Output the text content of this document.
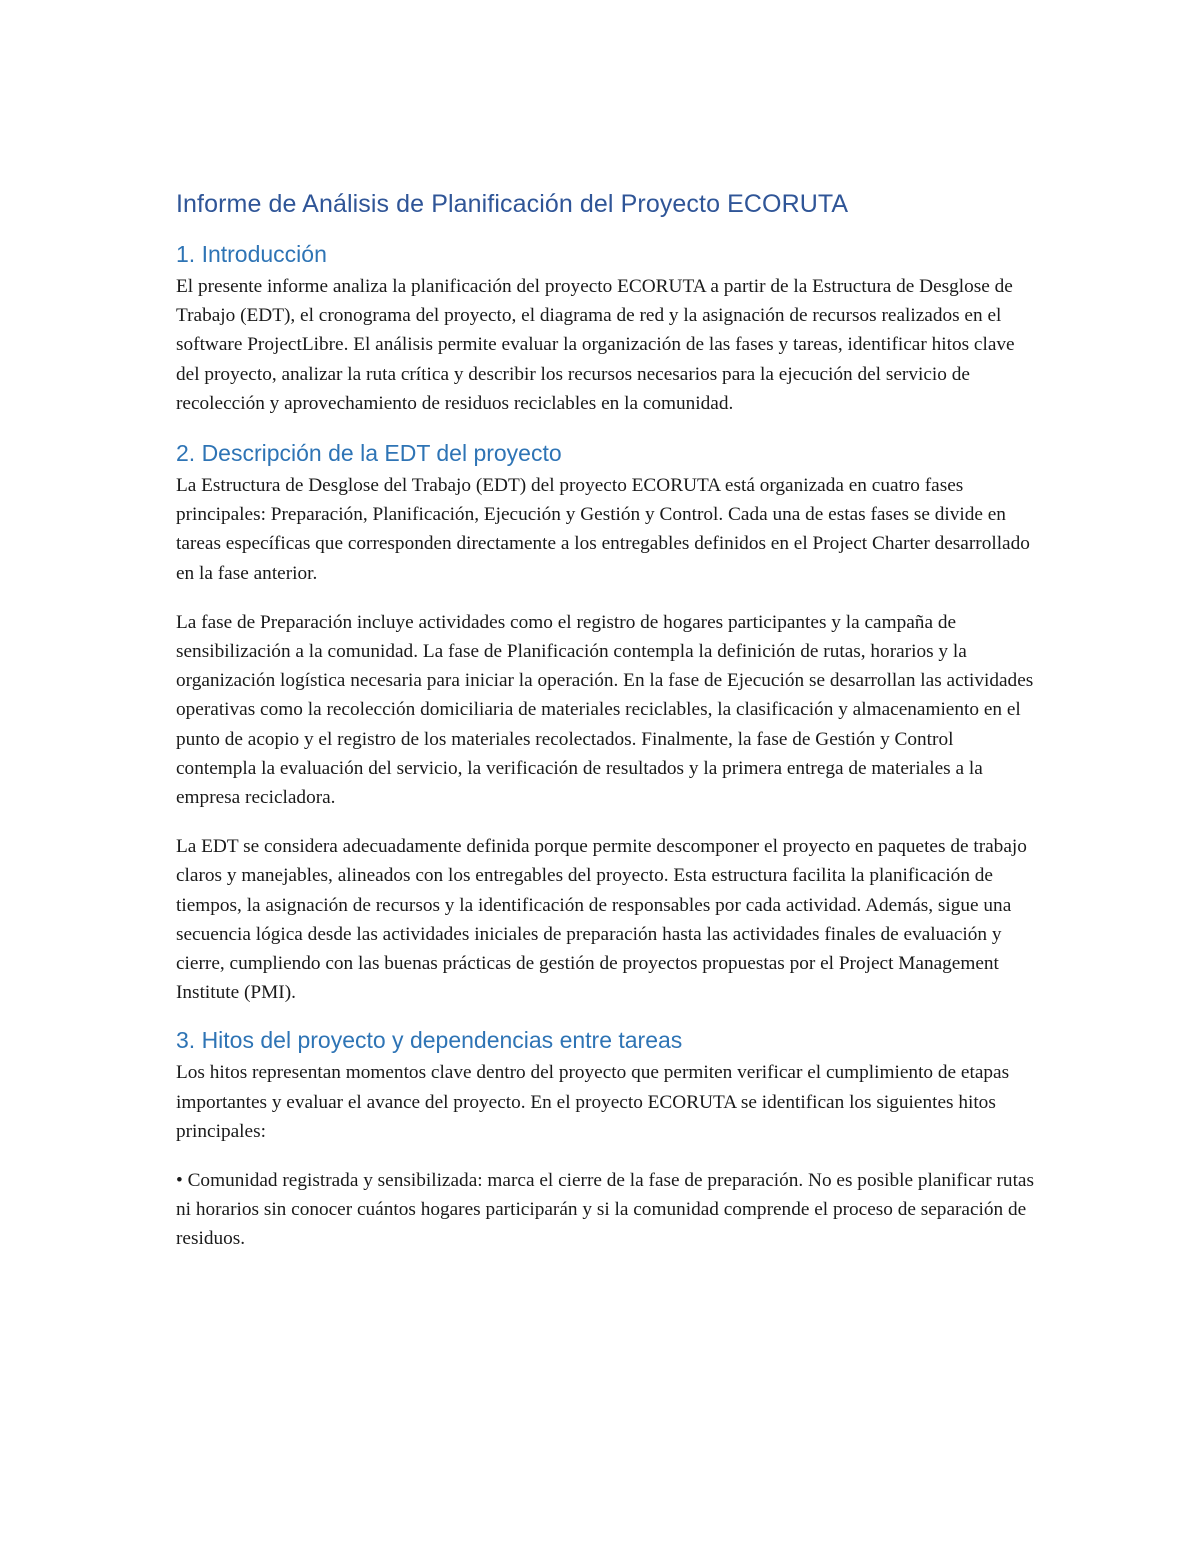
Informe de Análisis de Planificación del Proyecto ECORUTA
1. Introducción

El presente informe analiza la planificación del proyecto ECORUTA a partir de la Estructura de Desglose de Trabajo (EDT), el cronograma del proyecto, el diagrama de red y la asignación de recursos realizados en el software ProjectLibre. El análisis permite evaluar la organización de las fases y tareas, identificar hitos clave del proyecto, analizar la ruta crítica y describir los recursos necesarios para la ejecución del servicio de recolección y aprovechamiento de residuos reciclables en la comunidad.

2. Descripción de la EDT del proyecto

La Estructura de Desglose del Trabajo (EDT) del proyecto ECORUTA está organizada en cuatro fases principales: Preparación, Planificación, Ejecución y Gestión y Control. Cada una de estas fases se divide en tareas específicas que corresponden directamente a los entregables definidos en el Project Charter desarrollado en la fase anterior.

La fase de Preparación incluye actividades como el registro de hogares participantes y la campaña de sensibilización a la comunidad. La fase de Planificación contempla la definición de rutas, horarios y la organización logística necesaria para iniciar la operación. En la fase de Ejecución se desarrollan las actividades operativas como la recolección domiciliaria de materiales reciclables, la clasificación y almacenamiento en el punto de acopio y el registro de los materiales recolectados. Finalmente, la fase de Gestión y Control contempla la evaluación del servicio, la verificación de resultados y la primera entrega de materiales a la empresa recicladora.

La EDT se considera adecuadamente definida porque permite descomponer el proyecto en paquetes de trabajo claros y manejables, alineados con los entregables del proyecto. Esta estructura facilita la planificación de tiempos, la asignación de recursos y la identificación de responsables por cada actividad. Además, sigue una secuencia lógica desde las actividades iniciales de preparación hasta las actividades finales de evaluación y cierre, cumpliendo con las buenas prácticas de gestión de proyectos propuestas por el Project Management Institute (PMI).

3. Hitos del proyecto y dependencias entre tareas

Los hitos representan momentos clave dentro del proyecto que permiten verificar el cumplimiento de etapas importantes y evaluar el avance del proyecto. En el proyecto ECORUTA se identifican los siguientes hitos principales:

• Comunidad registrada y sensibilizada: marca el cierre de la fase de preparación. No es posible planificar rutas ni horarios sin conocer cuántos hogares participarán y si la comunidad comprende el proceso de separación de residuos.
